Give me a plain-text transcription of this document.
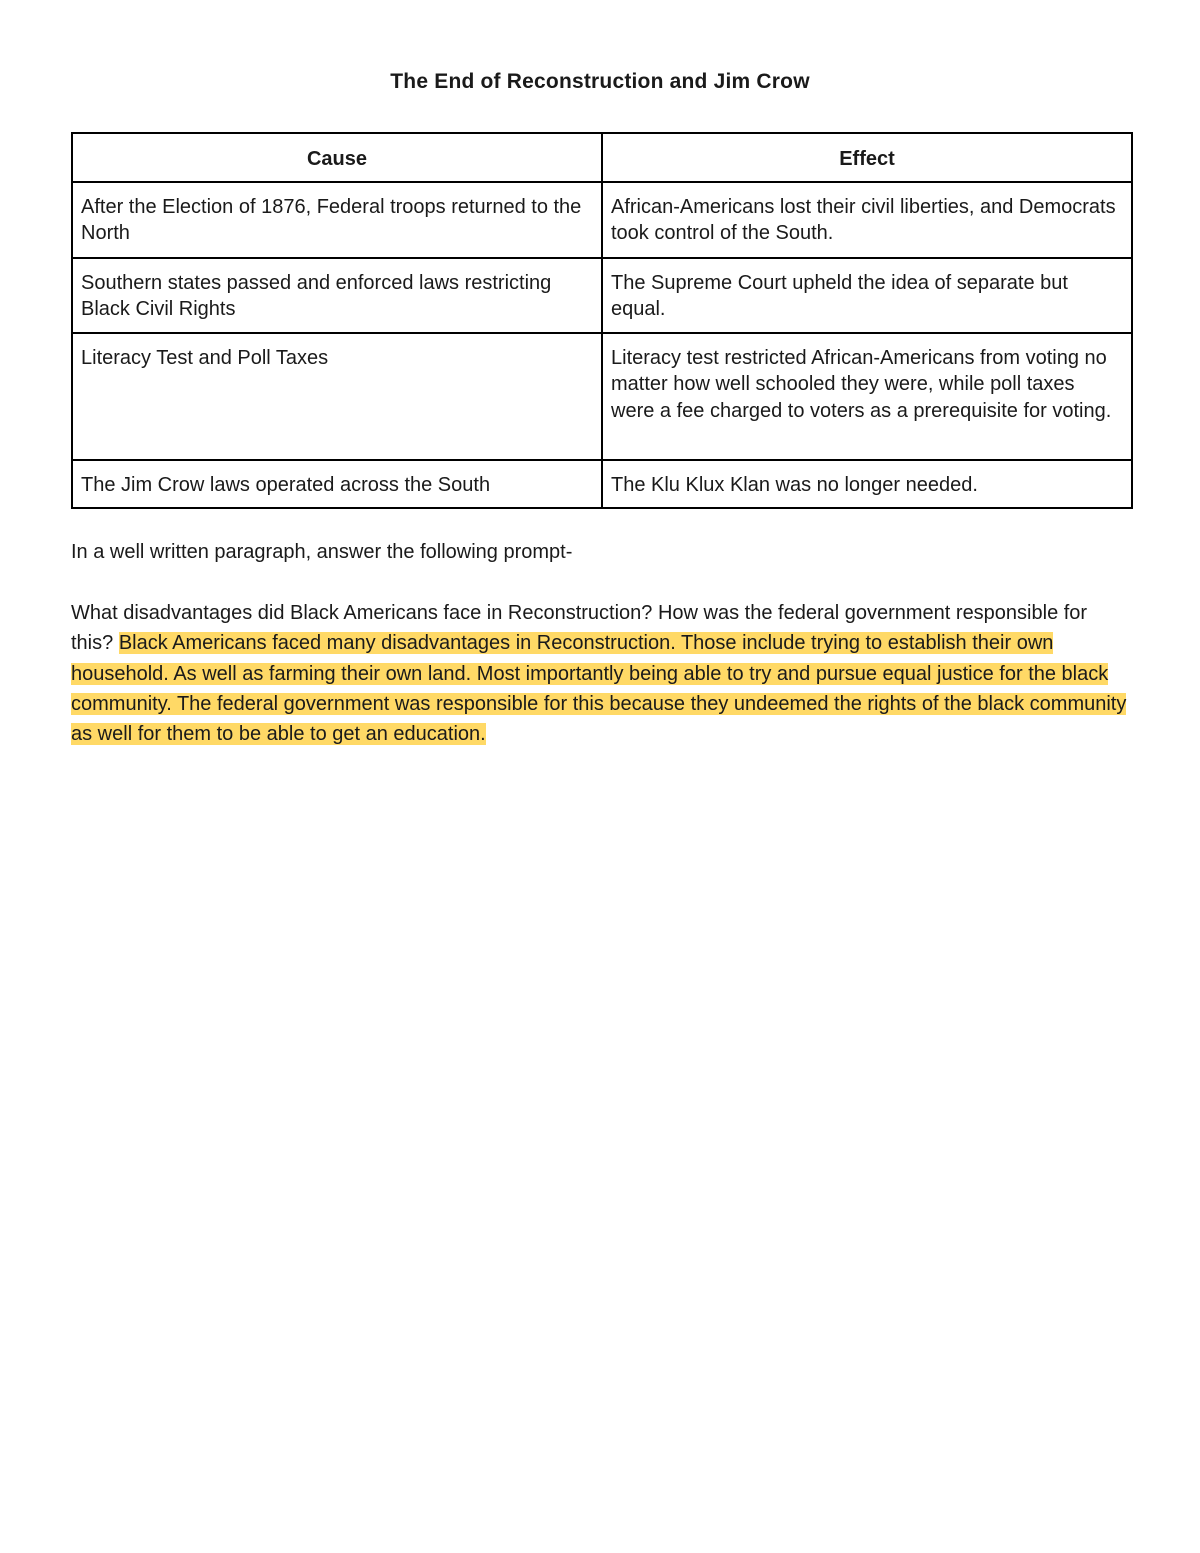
The End of Reconstruction and Jim Crow
Cause	Effect
After the Election of 1876, Federal troops returned to the North	African-Americans lost their civil liberties, and Democrats took control of the South.
Southern states passed and enforced laws restricting Black Civil Rights	The Supreme Court upheld the idea of separate but equal.
Literacy Test and Poll Taxes	Literacy test restricted African-Americans from voting no matter how well schooled they were, while poll taxes were a fee charged to voters as a prerequisite for voting.
The Jim Crow laws operated across the South	The Klu Klux Klan was no longer needed.
In a well written paragraph, answer the following prompt-
What disadvantages did Black Americans face in Reconstruction? How was the federal government responsible for this? Black Americans faced many disadvantages in Reconstruction. Those include trying to establish their own household. As well as farming their own land. Most importantly being able to try and pursue equal justice for the black community. The federal government was responsible for this because they undeemed the rights of the black community as well for them to be able to get an education.
